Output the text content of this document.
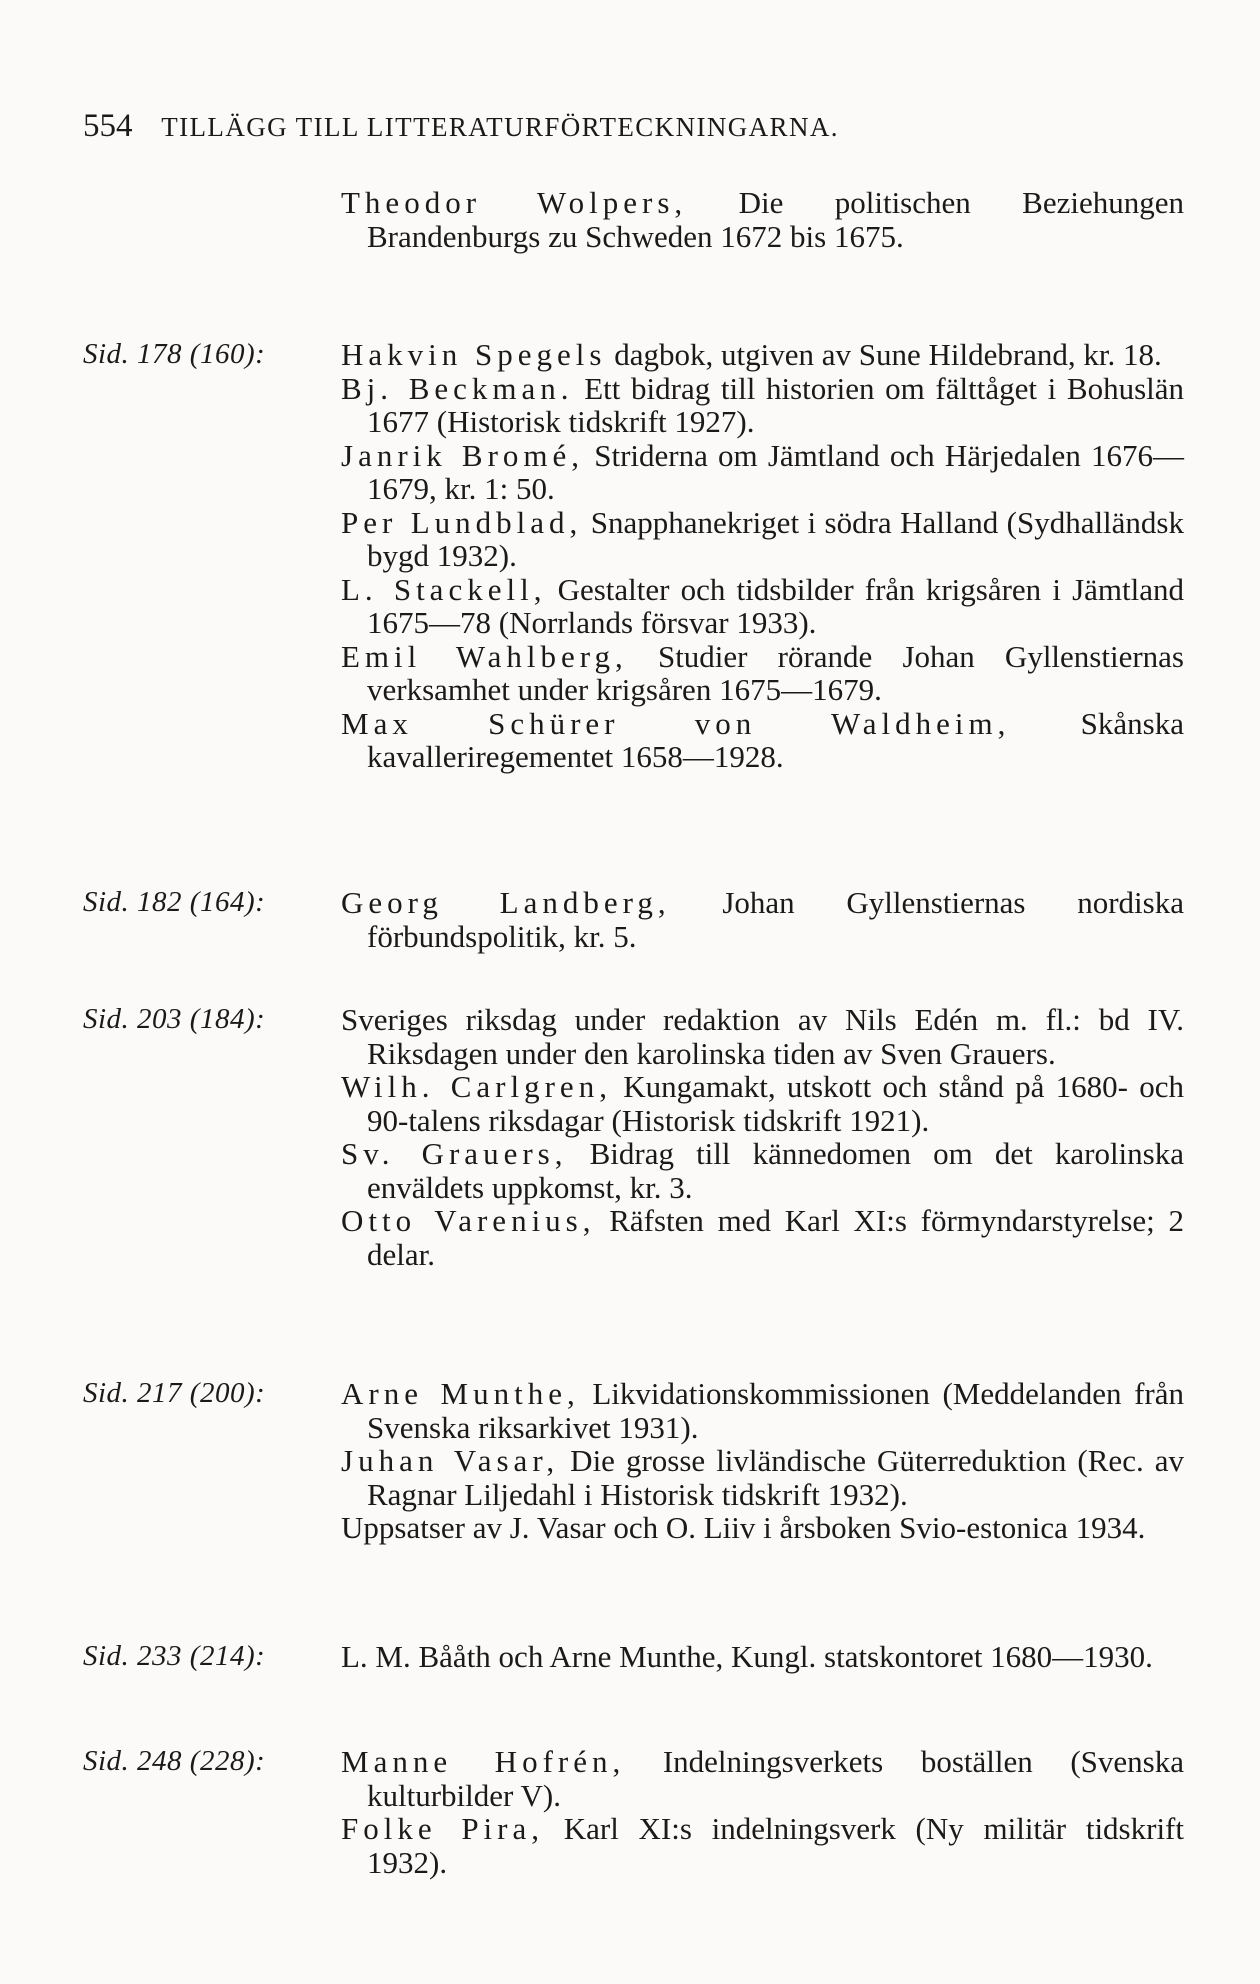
554 TILLÄGG TILL LITTERATURFÖRTECKNINGARNA.
Theodor Wolpers, Die politischen Beziehungen Brandenburgs zu Schweden 1672 bis 1675.
Sid. 178 (160): Hakvin Spegels dagbok, utgiven av Sune Hildebrand, kr. 18.
Bj. Beckman. Ett bidrag till historien om fälttåget i Bohuslän 1677 (Historisk tidskrift 1927).
Janrik Bromé, Striderna om Jämtland och Härjedalen 1676—1679, kr. 1: 50.
Per Lundblad, Snapphanekriget i södra Halland (Sydhalländsk bygd 1932).
L. Stackell, Gestalter och tidsbilder från krigsåren i Jämtland 1675—78 (Norrlands försvar 1933).
Emil Wahlberg, Studier rörande Johan Gyllenstiernas verksamhet under krigsåren 1675—1679.
Max Schürer von Waldheim, Skånska kavalleriregementet 1658—1928.
Sid. 182 (164): Georg Landberg, Johan Gyllenstiernas nordiska förbundspolitik, kr. 5.
Sid. 203 (184): Sveriges riksdag under redaktion av Nils Edén m. fl.: bd IV. Riksdagen under den karolinska tiden av Sven Grauers.
Wilh. Carlgren, Kungamakt, utskott och stånd på 1680- och 90-talens riksdagar (Historisk tidskrift 1921).
Sv. Grauers, Bidrag till kännedomen om det karolinska enväldets uppkomst, kr. 3.
Otto Varenius, Räfsten med Karl XI:s förmyndarstyrelse; 2 delar.
Sid. 217 (200): Arne Munthe, Likvidationskommissionen (Meddelanden från Svenska riksarkivet 1931).
Juhan Vasar, Die grosse livländische Güterreduktion (Rec. av Ragnar Liljedahl i Historisk tidskrift 1932).
Uppsatser av J. Vasar och O. Liiv i årsboken Svio-estonica 1934.
Sid. 233 (214): L. M. Bååth och Arne Munthe, Kungl. statskontoret 1680—1930.
Sid. 248 (228): Manne Hofrén, Indelningsverkets boställen (Svenska kulturbilder V).
Folke Pira, Karl XI:s indelningsverk (Ny militär tidskrift 1932).
